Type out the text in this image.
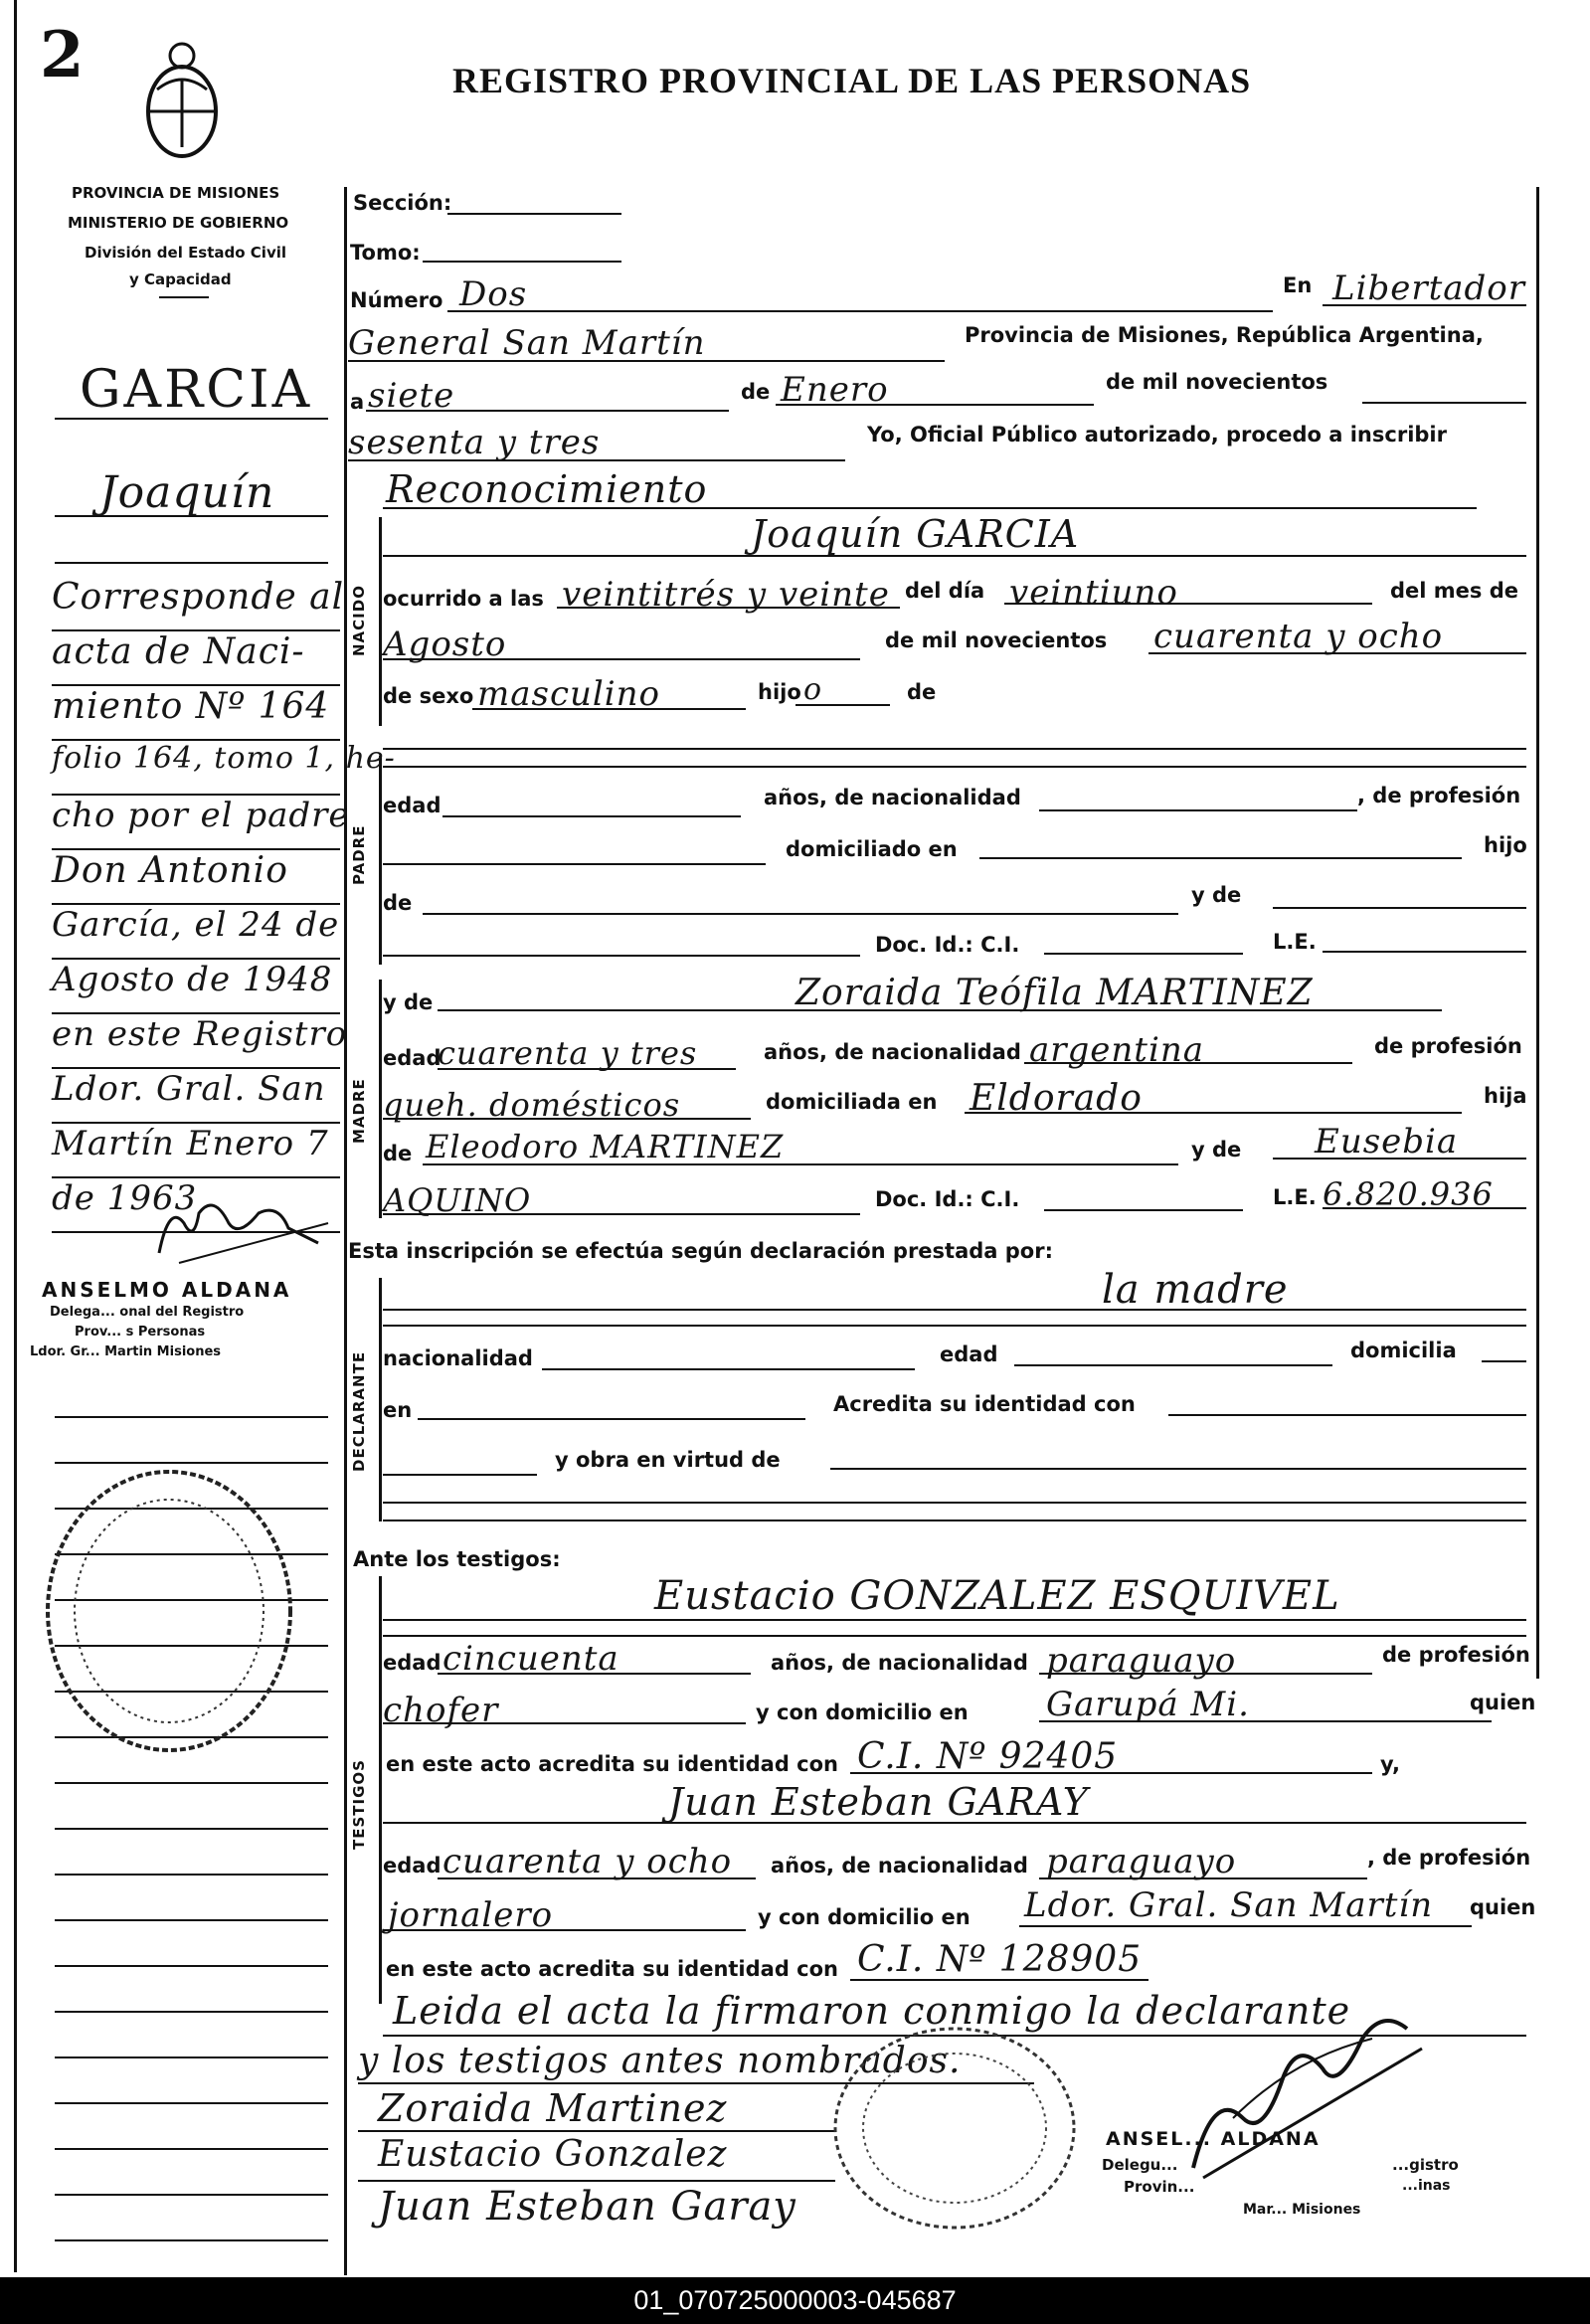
2	REGISTRO PROVINCIAL DE LAS PERSONAS
PROVINCIA DE MISIONES
MINISTERIO DE GOBIERNO
División del Estado Civil
y Capacidad
NACIDO
PADRE
MADRE
DECLARANTE
TESTIGOS
GARCIA
Joaquín
Corresponde al
acta de Naci-
miento Nº 164
folio 164, tomo 1, he-
cho por el padre
Don Antonio
García, el 24 de
Agosto de 1948
en este Registro
Ldor. Gral. San
Martín Enero 7
de 1963
ANSELMO ALDANA
Delega... onal del Registro
Prov... s Personas
Ldor. Gr... Martin Misiones
Sección:
Tomo:
Número Dos	En Libertador
General San Martín	Provincia de Misiones, República Argentina,
a siete	de Enero	de mil novecientos
sesenta y tres	Yo, Oficial Público autorizado, procedo a inscribir
Reconocimiento
Joaquín GARCIA
ocurrido a las veintitrés y veinte del día veintiuno	del mes de
Agosto	de mil novecientos cuarenta y ocho
de sexo masculino	hijo o	de
edad	años, de nacionalidad	, de profesión
domiciliado en	hijo
de	y de
Doc. Id.: C.I.	L.E.
y de	Zoraida Teófila MARTINEZ
edad
cuarenta y tres	años, de nacionalidad argentina	de profesión
queh. domésticos	domiciliada en Eldorado	hija
de Eleodoro MARTINEZ	y de Eusebia
AQUINO	Doc. Id.: C.I.	L.E. 6.820.936
Esta inscripción se efectúa según declaración prestada por:
la madre
nacionalidad	edad	domicilia
en	Acredita su identidad con
y obra en virtud de
Ante los testigos:
Eustacio GONZALEZ ESQUIVEL
edad cincuenta	años, de nacionalidad paraguayo	de profesión
chofer	y con domicilio en Garupá Mi.	quien
en este acto acredita su identidad con C.I. Nº 92405	y,
Juan Esteban GARAY
edad cuarenta y ocho años, de nacionalidad paraguayo	, de profesión
jornalero	y con domicilio en Ldor. Gral. San Martín quien
en este acto acredita su identidad con C.I. Nº 128905
Leida el acta la firmaron conmigo la declarante
y los testigos antes nombrados.
Zoraida Martinez
Eustacio Gonzalez
Juan Esteban Garay
ANSEL... ALDANA
Delegu...
Provin...
Mar... Misiones
...gistro
...inas
01_070725000003-045687
